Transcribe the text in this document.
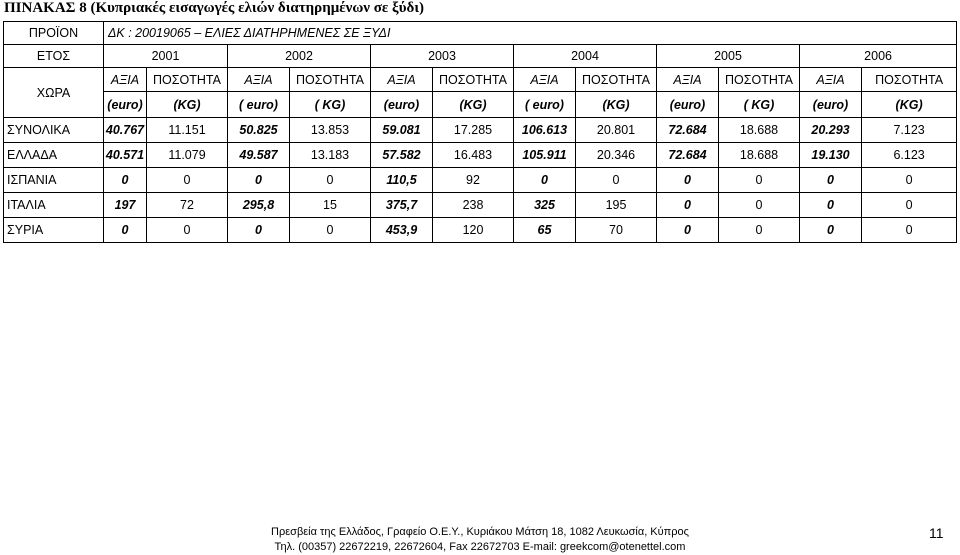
ΠΙΝΑΚΑΣ 8 (Κυπριακές εισαγωγές ελιών διατηρημένων σε ξύδι)
ΠΡΟΪΟΝ	ΔΚ : 20019065 – ΕΛΙΕΣ ΔΙΑΤΗΡΗΜΕΝΕΣ ΣΕ ΞΥΔΙ											
ΕΤΟΣ	2001		2002		2003		2004		2005		2006	
ΧΩΡΑ	ΑΞΙΑ	ΠΟΣΟΤΗΤΑ	ΑΞΙΑ	ΠΟΣΟΤΗΤΑ	ΑΞΙΑ	ΠΟΣΟΤΗΤΑ	ΑΞΙΑ	ΠΟΣΟΤΗΤΑ	ΑΞΙΑ	ΠΟΣΟΤΗΤΑ	ΑΞΙΑ	ΠΟΣΟΤΗΤΑ
	(euro)	(KG)	( euro)	( KG)	(euro)	(KG)	( euro)	(KG)	(euro)	( KG)	(euro)	(KG)
ΣΥΝΟΛΙΚΑ	40.767	11.151	50.825	13.853	59.081	17.285	106.613	20.801	72.684	18.688	20.293	7.123
ΕΛΛΑΔΑ	40.571	11.079	49.587	13.183	57.582	16.483	105.911	20.346	72.684	18.688	19.130	6.123
ΙΣΠΑΝΙΑ	0	0	0	0	110,5	92	0	0	0	0	0	0
ΙΤΑΛΙΑ	197	72	295,8	15	375,7	238	325	195	0	0	0	0
ΣΥΡΙΑ	0	0	0	0	453,9	120	65	70	0	0	0	0
Πρεσβεία της Ελλάδος, Γραφείο Ο.Ε.Υ., Κυριάκου Μάτση 18, 1082 Λευκωσία, Κύπρος
Τηλ. (00357) 22672219, 22672604, Fax 22672703 E-mail: greekcom@otenettel.com
11
